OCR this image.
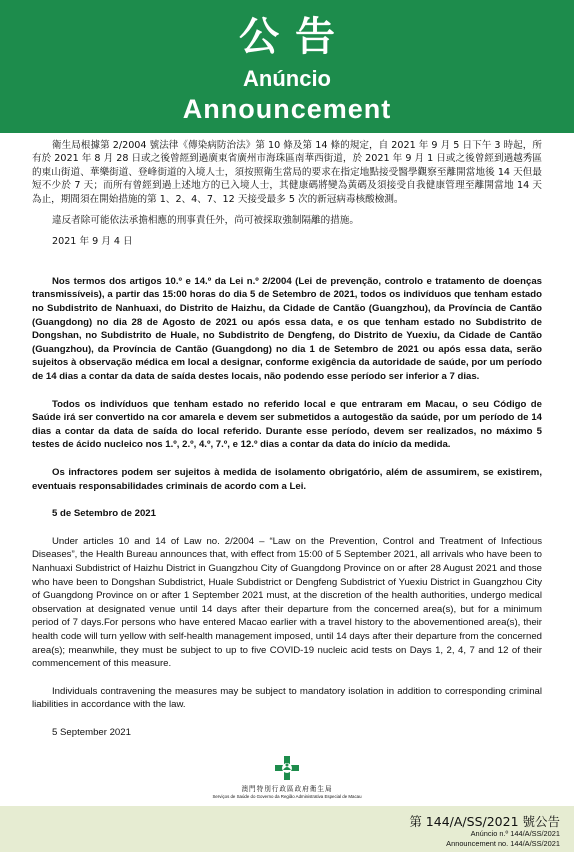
公告
Anúncio
Announcement

衛生局根據第 2/2004 號法律《傳染病防治法》第 10 條及第 14 條的規定，自 2021 年 9 月 5 日下午 3 時起，所有於 2021 年 8 月 28 日或之後曾經到過廣東省廣州市海珠區南華西街道，於 2021 年 9 月 1 日或之後曾經到過越秀區的東山街道、華樂街道、登峰街道的入境人士，須按照衛生當局的要求在指定地點接受醫學觀察至離開當地後 14 天但最短不少於 7 天；而所有曾經到過上述地方的已入境人士，其健康碼將變為黃碼及須接受自我健康管理至離開當地 14 天為止，期間須在開始措施的第 1、2、4、7、12 天接受最多 5 次的新冠病毒核酸檢測。

違反者除可能依法承擔相應的刑事責任外，尚可被採取強制隔離的措施。

2021 年 9 月 4 日

Nos termos dos artigos 10.º e 14.º da Lei n.º 2/2004 (Lei de prevenção, controlo e tratamento de doenças transmissíveis), a partir das 15:00 horas do dia 5 de Setembro de 2021, todos os indivíduos que tenham estado no Subdistrito de Nanhuaxi, do Distrito de Haizhu, da Cidade de Cantão (Guangzhou), da Província de Cantão (Guangdong) no dia 28 de Agosto de 2021 ou após essa data, e os que tenham estado no Subdistrito de Dongshan, no Subdistrito de Huale, no Subdistrito de Dengfeng, do Distrito de Yuexiu, da Cidade de Cantão (Guangzhou), da Província de Cantão (Guangdong) no dia 1 de Setembro de 2021 ou após essa data, serão sujeitos à observação médica em local a designar, conforme exigência da autoridade de saúde, por um período de 14 dias a contar da data de saída destes locais, não podendo esse período ser inferior a 7 dias.

Todos os indivíduos que tenham estado no referido local e que entraram em Macau, o seu Código de Saúde irá ser convertido na cor amarela e devem ser submetidos a autogestão da saúde, por um período de 14 dias a contar da data de saída do local referido. Durante esse período, devem ser realizados, no máximo 5 testes de ácido nucleico nos 1.º, 2.º, 4.º, 7.º, e 12.º dias a contar da data do início da medida.

Os infractores podem ser sujeitos à medida de isolamento obrigatório, além de assumirem, se existirem, eventuais responsabilidades criminais de acordo com a Lei.

5 de Setembro de 2021

Under articles 10 and 14 of Law no. 2/2004 – “Law on the Prevention, Control and Treatment of Infectious Diseases”, the Health Bureau announces that, with effect from 15:00 of 5 September 2021, all arrivals who have been to Nanhuaxi Subdistrict of Haizhu District in Guangzhou City of Guangdong Province on or after 28 August 2021 and those who have been to Dongshan Subdistrict, Huale Subdistrict or Dengfeng Subdistrict of Yuexiu District in Guangzhou City of Guangdong Province on or after 1 September 2021 must, at the discretion of the health authorities, undergo medical observation at designated venue until 14 days after their departure from the concerned area(s), but for a minimum period of 7 days.For persons who have entered Macao earlier with a travel history to the abovementioned area(s), their health code will turn yellow with self-health management imposed, until 14 days after their departure from the concerned area(s); meanwhile, they must be subject to up to five COVID-19 nucleic acid tests on Days 1, 2, 4, 7 and 12 of their commencement of this measure.

Individuals contravening the measures may be subject to mandatory isolation in addition to corresponding criminal liabilities in accordance with the law.

5 September 2021

澳門特別行政區政府衛生局
Serviços de Saúde do Governo da Região Administrativa Especial de Macau
第 144/A/SS/2021 號公告
Anúncio n.º 144/A/SS/2021
Announcement no. 144/A/SS/2021
